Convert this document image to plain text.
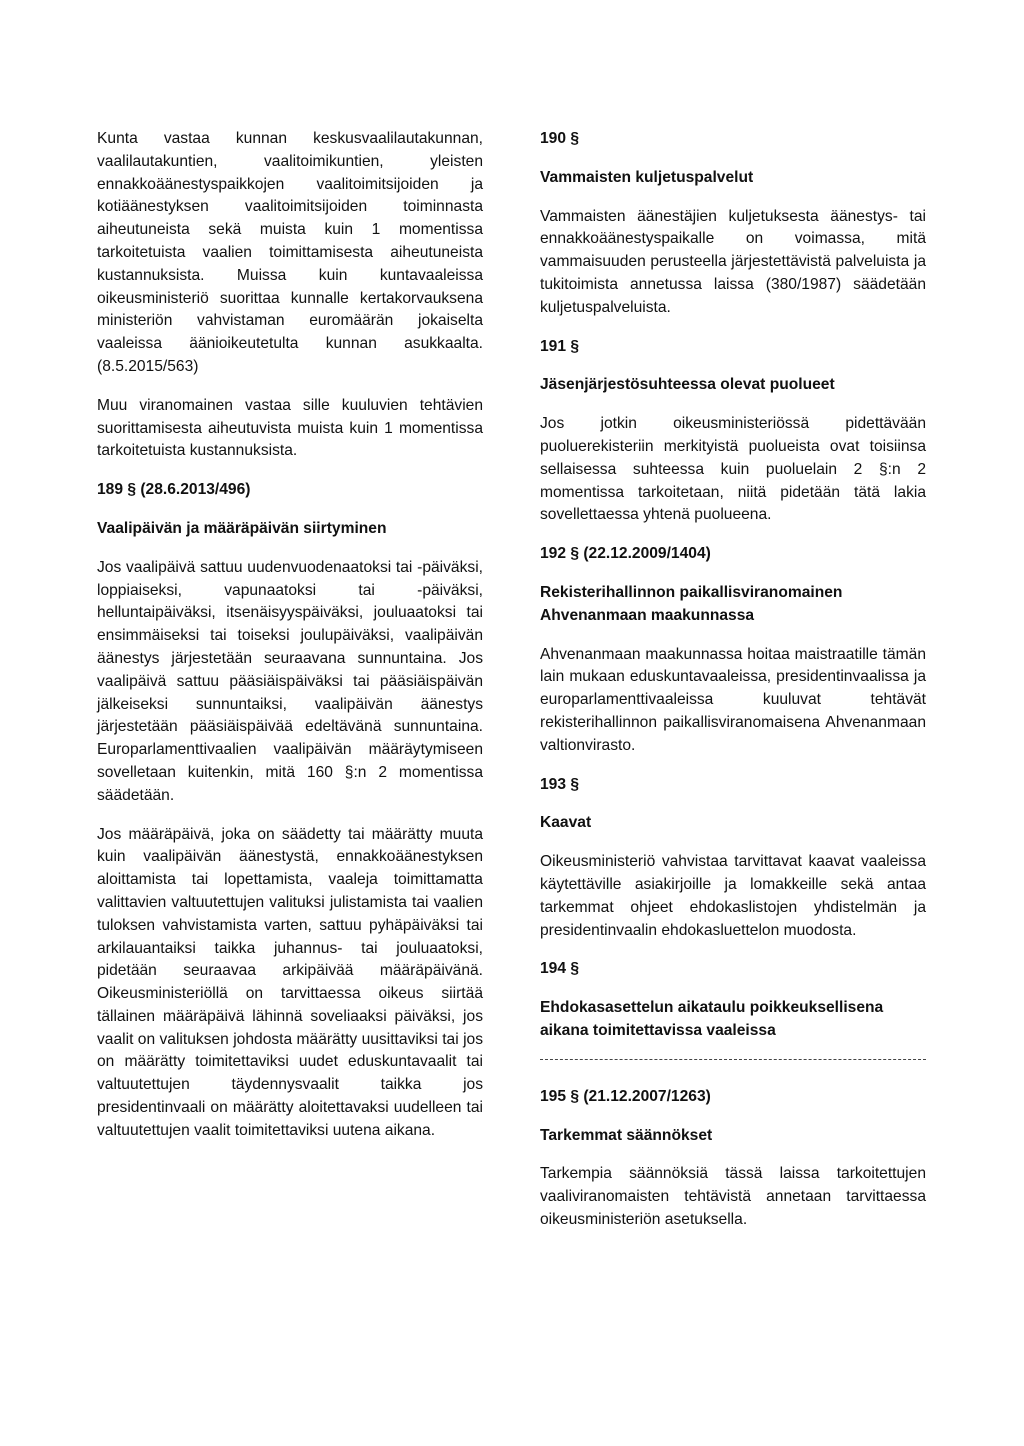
Kunta vastaa kunnan keskusvaalilautakunnan, vaalilautakuntien, vaalitoimikuntien, yleisten ennakkoäänestyspaikkojen vaalitoimitsijoiden ja kotiäänestyksen vaalitoimitsijoiden toiminnasta aiheutuneista sekä muista kuin 1 momentissa tarkoitetuista vaalien toimittamisesta aiheutuneista kustannuksista. Muissa kuin kuntavaaleissa oikeusministeriö suorittaa kunnalle kertakorvauksena ministeriön vahvistaman euromäärän jokaiselta vaaleissa äänioikeutetulta kunnan asukkaalta. (8.5.2015/563)

Muu viranomainen vastaa sille kuuluvien tehtävien suorittamisesta aiheutuvista muista kuin 1 momentissa tarkoitetuista kustannuksista.

189 § (28.6.2013/496)
Vaalipäivän ja määräpäivän siirtyminen

Jos vaalipäivä sattuu uudenvuodenaatoksi tai -päiväksi, loppiaiseksi, vapunaatoksi tai -päiväksi, helluntaipäiväksi, itsenäisyyspäiväksi, jouluaatoksi tai ensimmäiseksi tai toiseksi joulupäiväksi, vaalipäivän äänestys järjestetään seuraavana sunnuntaina. Jos vaalipäivä sattuu pääsiäispäiväksi tai pääsiäispäivän jälkeiseksi sunnuntaiksi, vaalipäivän äänestys järjestetään pääsiäispäivää edeltävänä sunnuntaina. Europarlamenttivaalien vaalipäivän määräytymiseen sovelletaan kuitenkin, mitä 160 §:n 2 momentissa säädetään.

Jos määräpäivä, joka on säädetty tai määrätty muuta kuin vaalipäivän äänestystä, ennakkoäänestyksen aloittamista tai lopettamista, vaaleja toimittamatta valittavien valtuutettujen valituksi julistamista tai vaalien tuloksen vahvistamista varten, sattuu pyhäpäiväksi tai arkilauantaiksi taikka juhannus- tai jouluaatoksi, pidetään seuraavaa arkipäivää määräpäivänä. Oikeusministeriöllä on tarvittaessa oikeus siirtää tällainen määräpäivä lähinnä soveliaaksi päiväksi, jos vaalit on valituksen johdosta määrätty uusittaviksi tai jos on määrätty toimitettaviksi uudet eduskuntavaalit tai valtuutettujen täydennysvaalit taikka jos presidentinvaali on määrätty aloitettavaksi uudelleen tai valtuutettujen vaalit toimitettaviksi uutena aikana.

190 §
Vammaisten kuljetuspalvelut

Vammaisten äänestäjien kuljetuksesta äänestys- tai ennakkoäänestyspaikalle on voimassa, mitä vammaisuuden perusteella järjestettävistä palveluista ja tukitoimista annetussa laissa (380/1987) säädetään kuljetuspalveluista.

191 §
Jäsenjärjestösuhteessa olevat puolueet

Jos jotkin oikeusministeriössä pidettävään puoluerekisteriin merkityistä puolueista ovat toisiinsa sellaisessa suhteessa kuin puoluelain 2 §:n 2 momentissa tarkoitetaan, niitä pidetään tätä lakia sovellettaessa yhtenä puolueena.

192 § (22.12.2009/1404)
Rekisterihallinnon paikallisviranomainen Ahvenanmaan maakunnassa

Ahvenanmaan maakunnassa hoitaa maistraatille tämän lain mukaan eduskuntavaaleissa, presidentinvaalissa ja europarlamenttivaaleissa kuuluvat tehtävät rekisterihallinnon paikallisviranomaisena Ahvenanmaan valtionvirasto.

193 §
Kaavat

Oikeusministeriö vahvistaa tarvittavat kaavat vaaleissa käytettäville asiakirjoille ja lomakkeille sekä antaa tarkemmat ohjeet ehdokaslistojen yhdistelmän ja presidentinvaalin ehdokasluettelon muodosta.

194 §
Ehdokasasettelun aikataulu poikkeuksellisena aikana toimitettavissa vaaleissa
195 § (21.12.2007/1263)
Tarkemmat säännökset

Tarkempia säännöksiä tässä laissa tarkoitettujen vaaliviranomaisten tehtävistä annetaan tarvittaessa oikeusministeriön asetuksella.
